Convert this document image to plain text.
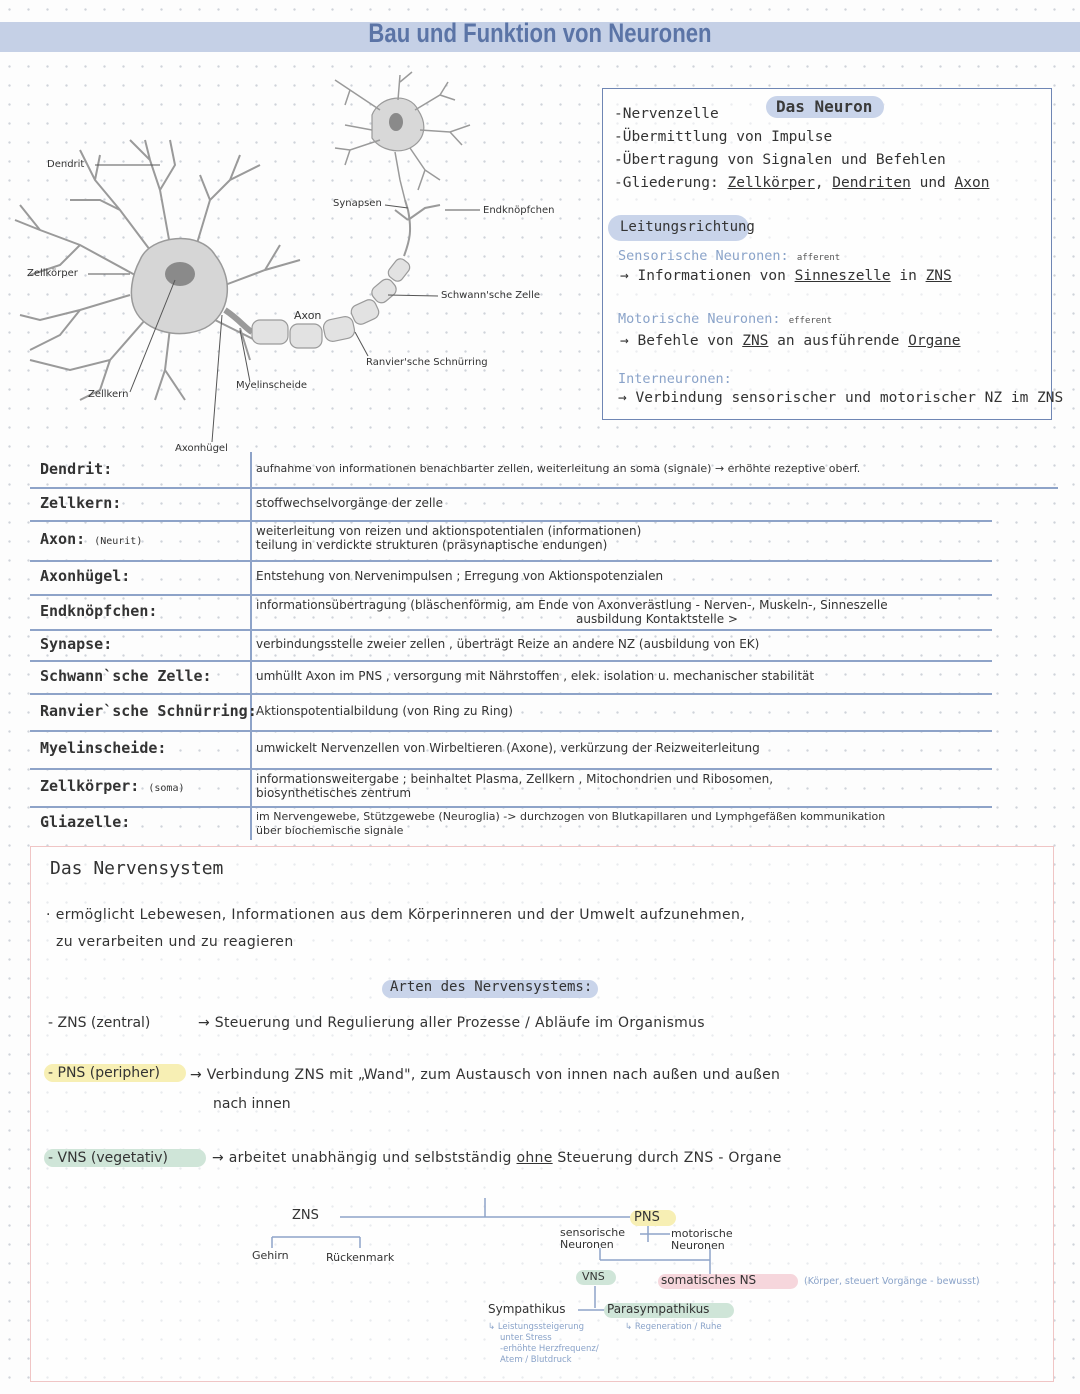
Bau und Funktion von Neuronen
Dendrit
Zellkörper
Zellkern
Axonhügel
Myelinscheide
Axon
Ranvier'sche Schnürring
Schwann'sche Zelle
Endknöpfchen
Synapsen
Das Neuron
-Nervenzelle
-Übermittlung von Impulse
-Übertragung von Signalen und Befehlen
-Gliederung: Zellkörper, Dendriten und Axon
Leitungsrichtung
Sensorische Neuronen: afferent
→ Informationen von Sinneszelle in ZNS
Motorische Neuronen: efferent
→ Befehle von ZNS an ausführende Organe
Interneuronen:
→ Verbindung sensorischer und motorischer NZ im ZNS
Dendrit:	aufnahme von informationen benachbarter zellen, weiterleitung an soma (signale) → erhöhte rezeptive oberf.
Zellkern:	stoffwechselvorgänge der zelle
Axon: (Neurit)
weiterleitung von reizen und aktionspotentialen (informationen)
teilung in verdickte strukturen (präsynaptische endungen)
Axonhügel:	Entstehung von Nervenimpulsen ; Erregung von Aktionspotenzialen
Endknöpfchen:	informationsübertragung (bläschenförmig, am Ende von Axonverästlung - Nerven-, Muskeln-, Sinneszelle
ausbildung Kontaktstelle >
Synapse:	verbindungsstelle zweier zellen , überträgt Reize an andere NZ (ausbildung von EK)
Schwann`sche Zelle:	umhüllt Axon im PNS , versorgung mit Nährstoffen , elek. isolation u. mechanischer stabilität
Ranvier`sche Schnürring: Aktionspotentialbildung (von Ring zu Ring)
Myelinscheide:	umwickelt Nervenzellen von Wirbeltieren (Axone), verkürzung der Reizweiterleitung
Zellkörper: (soma)
informationsweitergabe ; beinhaltet Plasma, Zellkern , Mitochondrien und Ribosomen,
biosynthetisches zentrum
Gliazelle:	im Nervengewebe, Stützgewebe (Neuroglia) -> durchzogen von Blutkapillaren und Lymphgefäßen kommunikation
über biochemische signale
Das Nervensystem
· ermöglicht Lebewesen, Informationen aus dem Körperinneren und der Umwelt aufzunehmen,
zu verarbeiten und zu reagieren
Arten des Nervensystems:
- ZNS (zentral)	→ Steuerung und Regulierung aller Prozesse / Abläufe im Organismus
- PNS (peripher) → Verbindung ZNS mit „Wand", zum Austausch von innen nach außen und außen
nach innen
- VNS (vegetativ)	→ arbeitet unabhängig und selbstständig ohne Steuerung durch ZNS - Organe
ZNS
Gehirn	Rückenmark
PNS
sensorische
Neuronen
motorische
Neuronen
VNS	somatisches NS	(Körper, steuert Vorgänge - bewusst)
Sympathikus	Parasympathikus
↳ Leistungssteigerung
unter Stress
-erhöhte Herzfrequenz/
Atem / Blutdruck
↳ Regeneration / Ruhe
